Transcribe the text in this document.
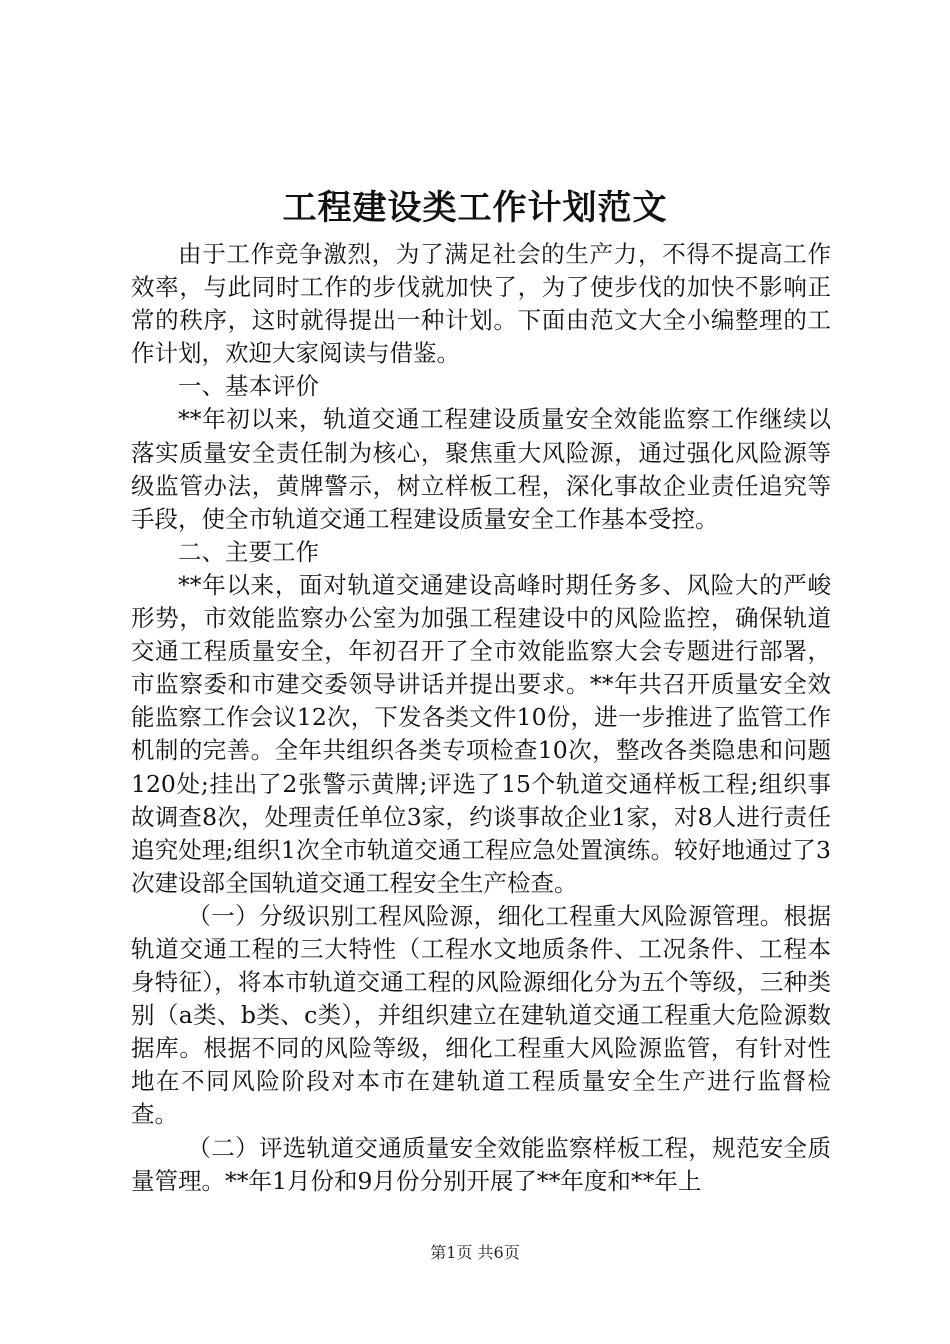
工程建设类工作计划范文

由于工作竞争激烈，为了满足社会的生产力，不得不提高工作效率，与此同时工作的步伐就加快了，为了使步伐的加快不影响正常的秩序，这时就得提出一种计划。下面由范文大全小编整理的工作计划，欢迎大家阅读与借鉴。

一、基本评价

**年初以来，轨道交通工程建设质量安全效能监察工作继续以落实质量安全责任制为核心，聚焦重大风险源，通过强化风险源等级监管办法，黄牌警示，树立样板工程，深化事故企业责任追究等手段，使全市轨道交通工程建设质量安全工作基本受控。

二、主要工作

**年以来，面对轨道交通建设高峰时期任务多、风险大的严峻形势，市效能监察办公室为加强工程建设中的风险监控，确保轨道交通工程质量安全，年初召开了全市效能监察大会专题进行部署，市监察委和市建交委领导讲话并提出要求。**年共召开质量安全效能监察工作会议12次，下发各类文件10份，进一步推进了监管工作机制的完善。全年共组织各类专项检查10次，整改各类隐患和问题120处;挂出了2张警示黄牌;评选了15个轨道交通样板工程;组织事故调查8次，处理责任单位3家，约谈事故企业1家，对8人进行责任追究处理;组织1次全市轨道交通工程应急处置演练。较好地通过了3次建设部全国轨道交通工程安全生产检查。

（一）分级识别工程风险源，细化工程重大风险源管理。根据轨道交通工程的三大特性（工程水文地质条件、工况条件、工程本身特征），将本市轨道交通工程的风险源细化分为五个等级，三种类别（a类、b类、c类），并组织建立在建轨道交通工程重大危险源数据库。根据不同的风险等级，细化工程重大风险源监管，有针对性地在不同风险阶段对本市在建轨道工程质量安全生产进行监督检查。

（二）评选轨道交通质量安全效能监察样板工程，规范安全质量管理。**年1月份和9月份分别开展了**年度和**年上

第1页 共6页
